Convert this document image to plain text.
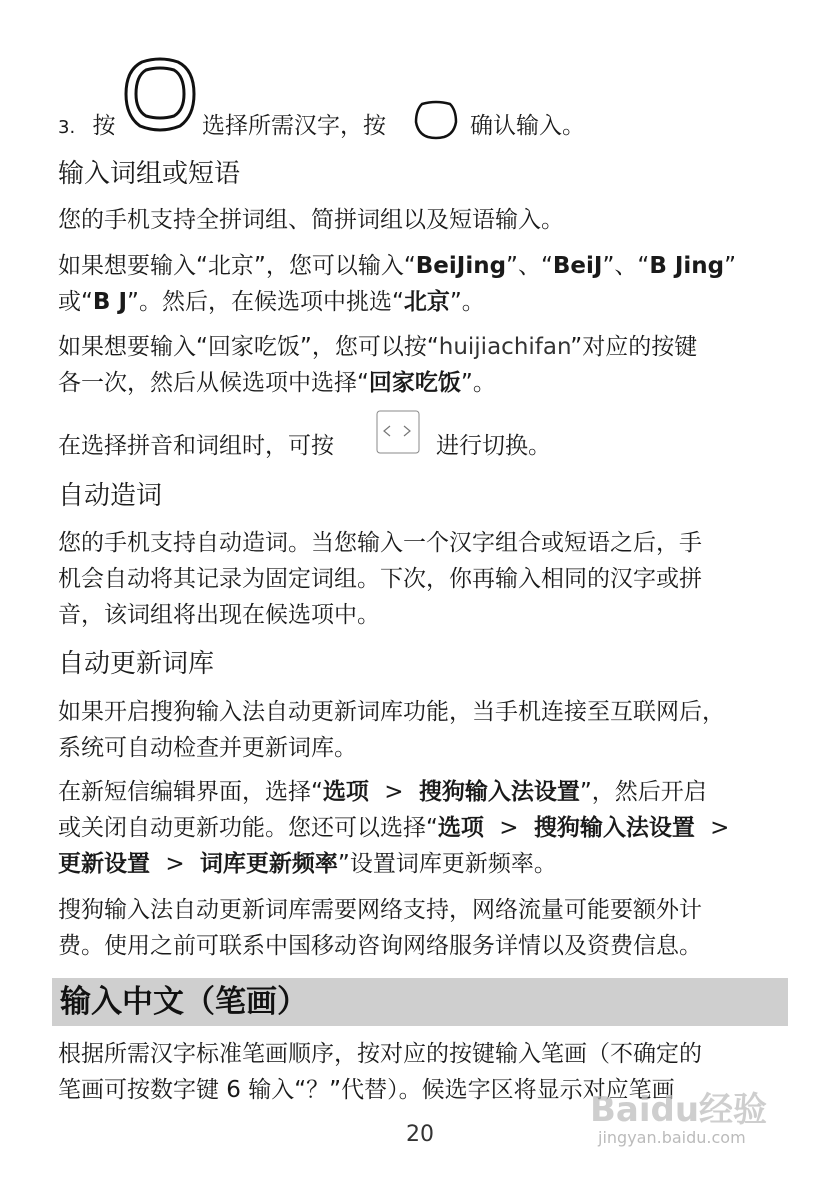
3. 按	选择所需汉字，按	确认输入。
输入词组或短语
您的手机支持全拼词组、简拼词组以及短语输入。
如果想要输入“北京”，您可以输入“BeiJing”、“BeiJ”、“B Jing”
或“B J”。然后，在候选项中挑选“北京”。
如果想要输入“回家吃饭”，您可以按“huijiachifan”对应的按键
各一次，然后从候选项中选择“回家吃饭”。
在选择拼音和词组时，可按	进行切换。
自动造词
您的手机支持自动造词。当您输入一个汉字组合或短语之后，手
机会自动将其记录为固定词组。下次，你再输入相同的汉字或拼
音，该词组将出现在候选项中。
自动更新词库
如果开启搜狗输入法自动更新词库功能，当手机连接至互联网后，
系统可自动检查并更新词库。
在新短信编辑界面，选择“选项 > 搜狗输入法设置”，然后开启
或关闭自动更新功能。您还可以选择“选项 > 搜狗输入法设置 >
更新设置 > 词库更新频率”设置词库更新频率。
搜狗输入法自动更新词库需要网络支持，网络流量可能要额外计
费。使用之前可联系中国移动咨询网络服务详情以及资费信息。
输入中文（笔画）
根据所需汉字标准笔画顺序，按对应的按键输入笔画（不确定的
笔画可按数字键 6 输入“？”代替）。候选字区将显示对应笔画
Baidu经验
jingyan.baidu.com
20
